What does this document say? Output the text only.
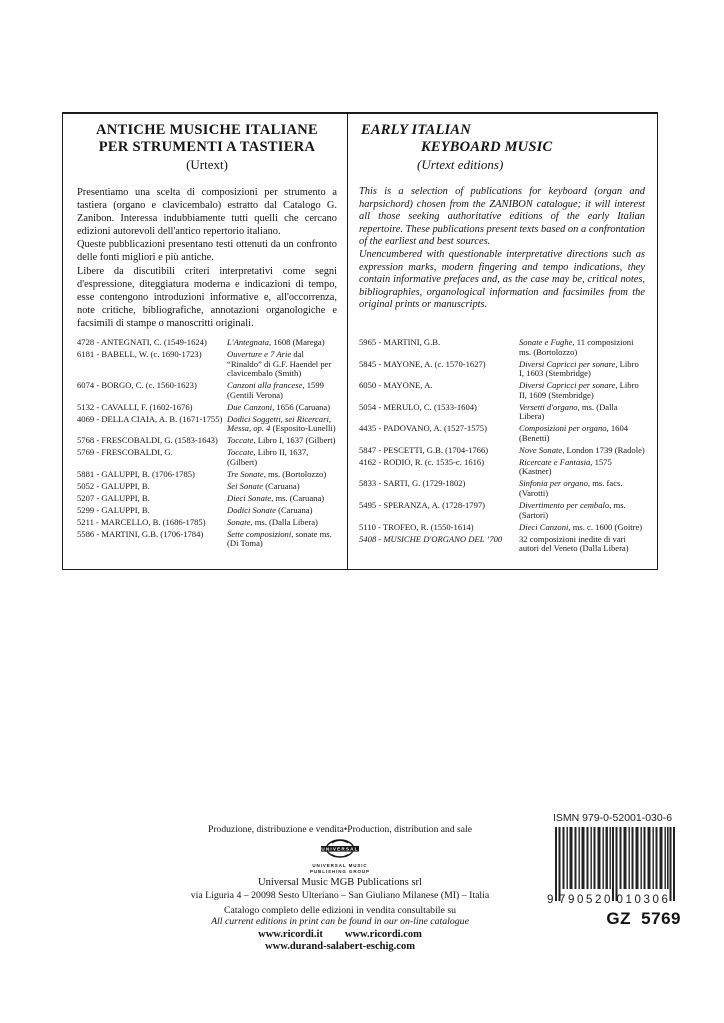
ANTICHE MUSICHE ITALIANE
PER STRUMENTI A TASTIERA
(Urtext)

Presentiamo una scelta di composizioni per strumento a tastiera (organo e clavicembalo) estratto dal Catalogo G. Zanibon. Interessa indubbiamente tutti quelli che cercano edizioni autorevoli dell'antico repertorio italiano.

Queste pubblicazioni presentano testi ottenuti da un confronto delle fonti migliori e più antiche.

Libere da discutibili criteri interpretativi come segni d'espressione, diteggiatura moderna e indicazioni di tempo, esse contengono introduzioni informative e, all'occorrenza, note critiche, bibliografiche, annotazioni organologiche e facsimili di stampe o manoscritti originali.

4728 - ANTEGNATI, C. (1549-1624)	L'Antegnata, 1608 (Marega)
6181 - BABELL, W. (c. 1690-1723)	Ouverture e 7 Arie dal “Rinaldo” di G.F. Haendel per clavicembalo (Smith)
6074 - BORGO, C. (c. 1560-1623)	Canzoni alla francese, 1599 (Gentili Verona)
5132 - CAVALLI, F. (1602-1676)	Due Canzoni, 1656 (Caruana)
4069 - DELLA CIAIA, A. B. (1671-1755) Dodici Soggetti, sei Ricercari, Messa, op. 4 (Esposito-Lunelli)
5768 - FRESCOBALDI, G. (1583-1643)	Toccate, Libro I, 1637 (Gilbert)
5769 - FRESCOBALDI, G.	Toccate, Libro II, 1637, (Gilbert)
5881 - GALUPPI, B. (1706-1785)	Tre Sonate, ms. (Bortolozzo)
5052 - GALUPPI, B.	Sei Sonate (Caruana)
5207 - GALUPPI, B.	Dieci Sonate, ms. (Caruana)
5299 - GALUPPI, B.	Dodici Sonate (Caruana)
5211 - MARCELLO, B. (1686-1785)	Sonate, ms. (Dalla Libera)
5586 - MARTINI, G.B. (1706-1784)	Sette composizioni, sonate ms. (Di Toma)
EARLY ITALIAN
KEYBOARD MUSIC
(Urtext editions)

This is a selection of publications for keyboard (organ and harpsichord) chosen from the ZANIBON catalogue; it will interest all those seeking authoritative editions of the early Italian repertoire. These publications present texts based on a confrontation of the earliest and best sources.

Unencumbered with questionable interpretative directions such as expression marks, modern fingering and tempo indications, they contain informative prefaces and, as the case may be, critical notes, bibliographies, organological information and facsimiles from the original prints or manuscripts.

5965 - MARTINI, G.B.	Sonate e Fughe, 11 composizioni ms. (Bortolozzo)
5845 - MAYONE, A. (c. 1570-1627)	Diversi Capricci per sonare, Libro I, 1603 (Stembridge)
6050 - MAYONE, A.	Diversi Capricci per sonare, Libro II, 1609 (Stembridge)
5054 - MERULO, C. (1533-1604)	Versetti d'organo, ms. (Dalla Libera)
4435 - PADOVANO, A. (1527-1575)	Composizioni per organo, 1604 (Benetti)
5847 - PESCETTI, G.B. (1704-1766)	Nove Sonate, London 1739 (Radole)
4162 - RODIO, R. (c. 1535-c. 1616)	Ricercate e Fantasia, 1575 (Kastner)
5833 - SARTI, G. (1729-1802)	Sinfonia per organo, ms. facs. (Varotti)
5495 - SPERANZA, A. (1728-1797)	Divertimento per cembalo, ms. (Sartori)
5110 - TROFEO, R. (1550-1614)	Dieci Canzoni, ms. c. 1600 (Goitre)
5408 - MUSICHE D'ORGANO DEL ’700	32 composizioni inedite di vari autori del Veneto (Dalla Libera)
Produzione, distribuzione e vendita•Production, distribution and sale
UNIVERSAL
UNIVERSAL MUSIC
PUBLISHING GROUP
Universal Music MGB Publications srl
via Liguria 4 – 20098 Sesto Ulteriano – San Giuliano Milanese (MI) – Italia
Catalogo completo delle edizioni in vendita consultabile su
All current editions in print can be found in our on-line catalogue
www.ricordi.it www.ricordi.com
www.durand-salabert-eschig.com
ISMN 979-0-52001-030-6
9 790520 010306
GZ 5769
